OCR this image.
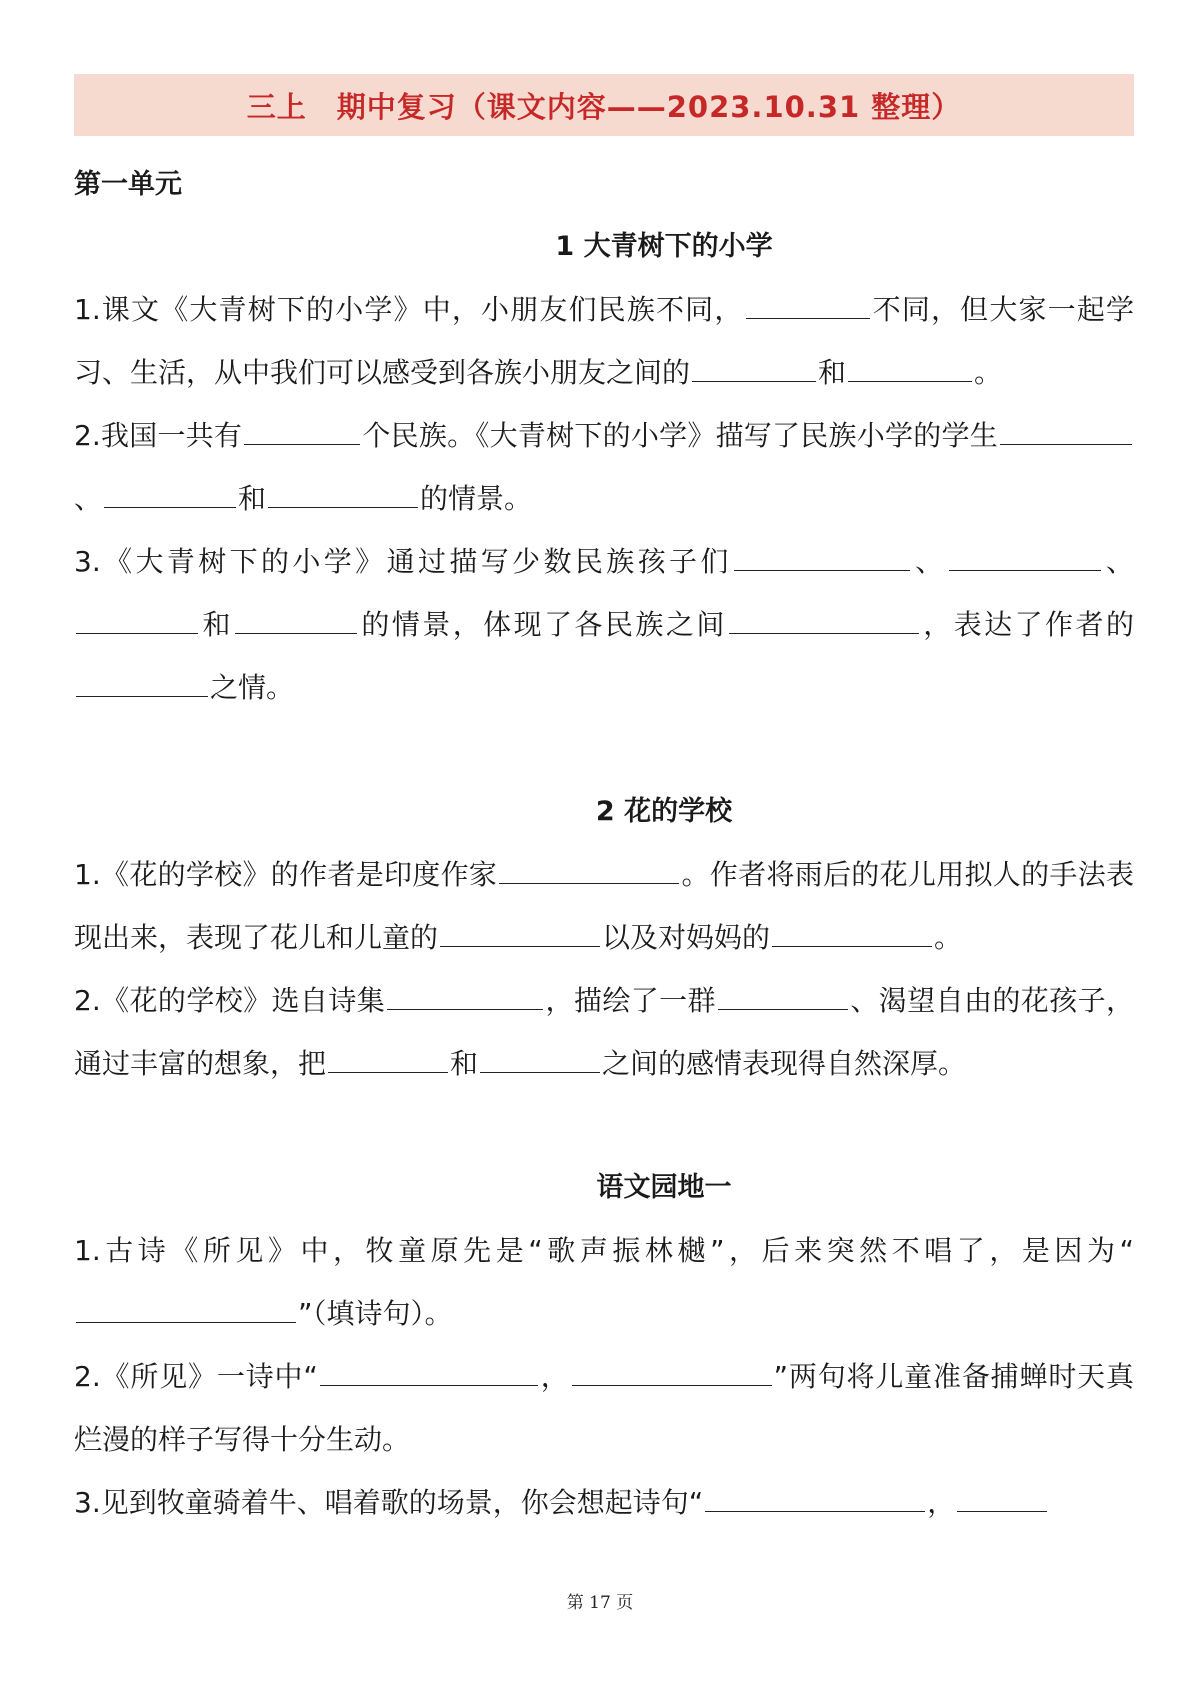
三上　期中复习（课文内容——2023.10.31 整理）
第一单元
1 大青树下的小学

1.课文《大青树下的小学》中，小朋友们民族不同，	不同，但大家一起学习、生活，从中我们可以感受到各族小朋友之间的	和	。

2.我国一共有	个民族。《大青树下的小学》描写了民族小学的学生、	和	的情景。

3.《大青树下的小学》通过描写少数民族孩子们	、	、和	的情景，体现了各民族之间	，表达了作者的之情。

2 花的学校

1.《花的学校》的作者是印度作家	。作者将雨后的花儿用拟人的手法表现出来，表现了花儿和儿童的	以及对妈妈的	。

2.《花的学校》选自诗集	，描绘了一群	、渴望自由的花孩子，通过丰富的想象，把	和	之间的感情表现得自然深厚。

语文园地一

1.古诗《所见》中，牧童原先是“歌声振林樾”，后来突然不唱了，是因为“”（填诗句）。

2.《所见》一诗中“	，	”两句将儿童准备捕蝉时天真烂漫的样子写得十分生动。

3.见到牧童骑着牛、唱着歌的场景，你会想起诗句“	，

第 17 页
